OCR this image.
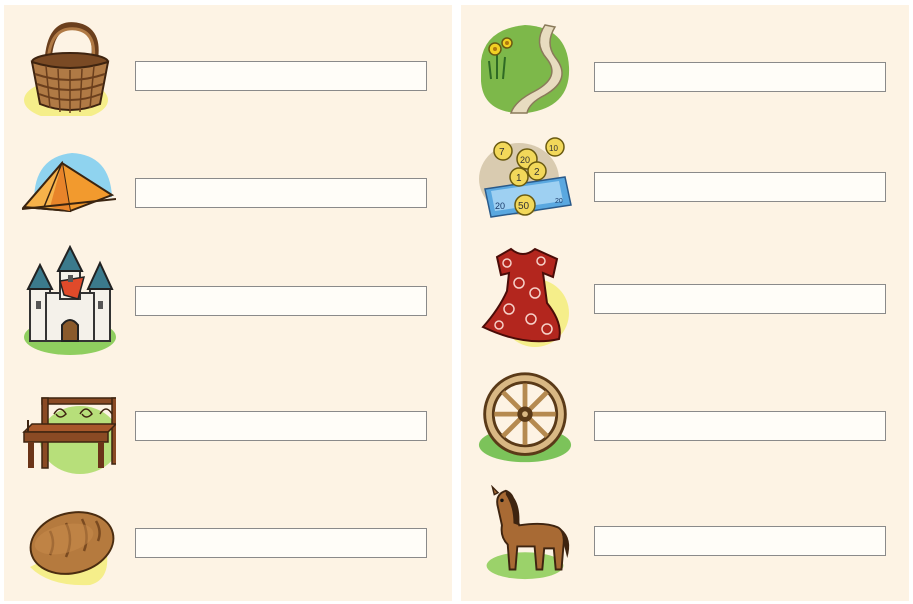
20	20
7
20
10
1
2
50
